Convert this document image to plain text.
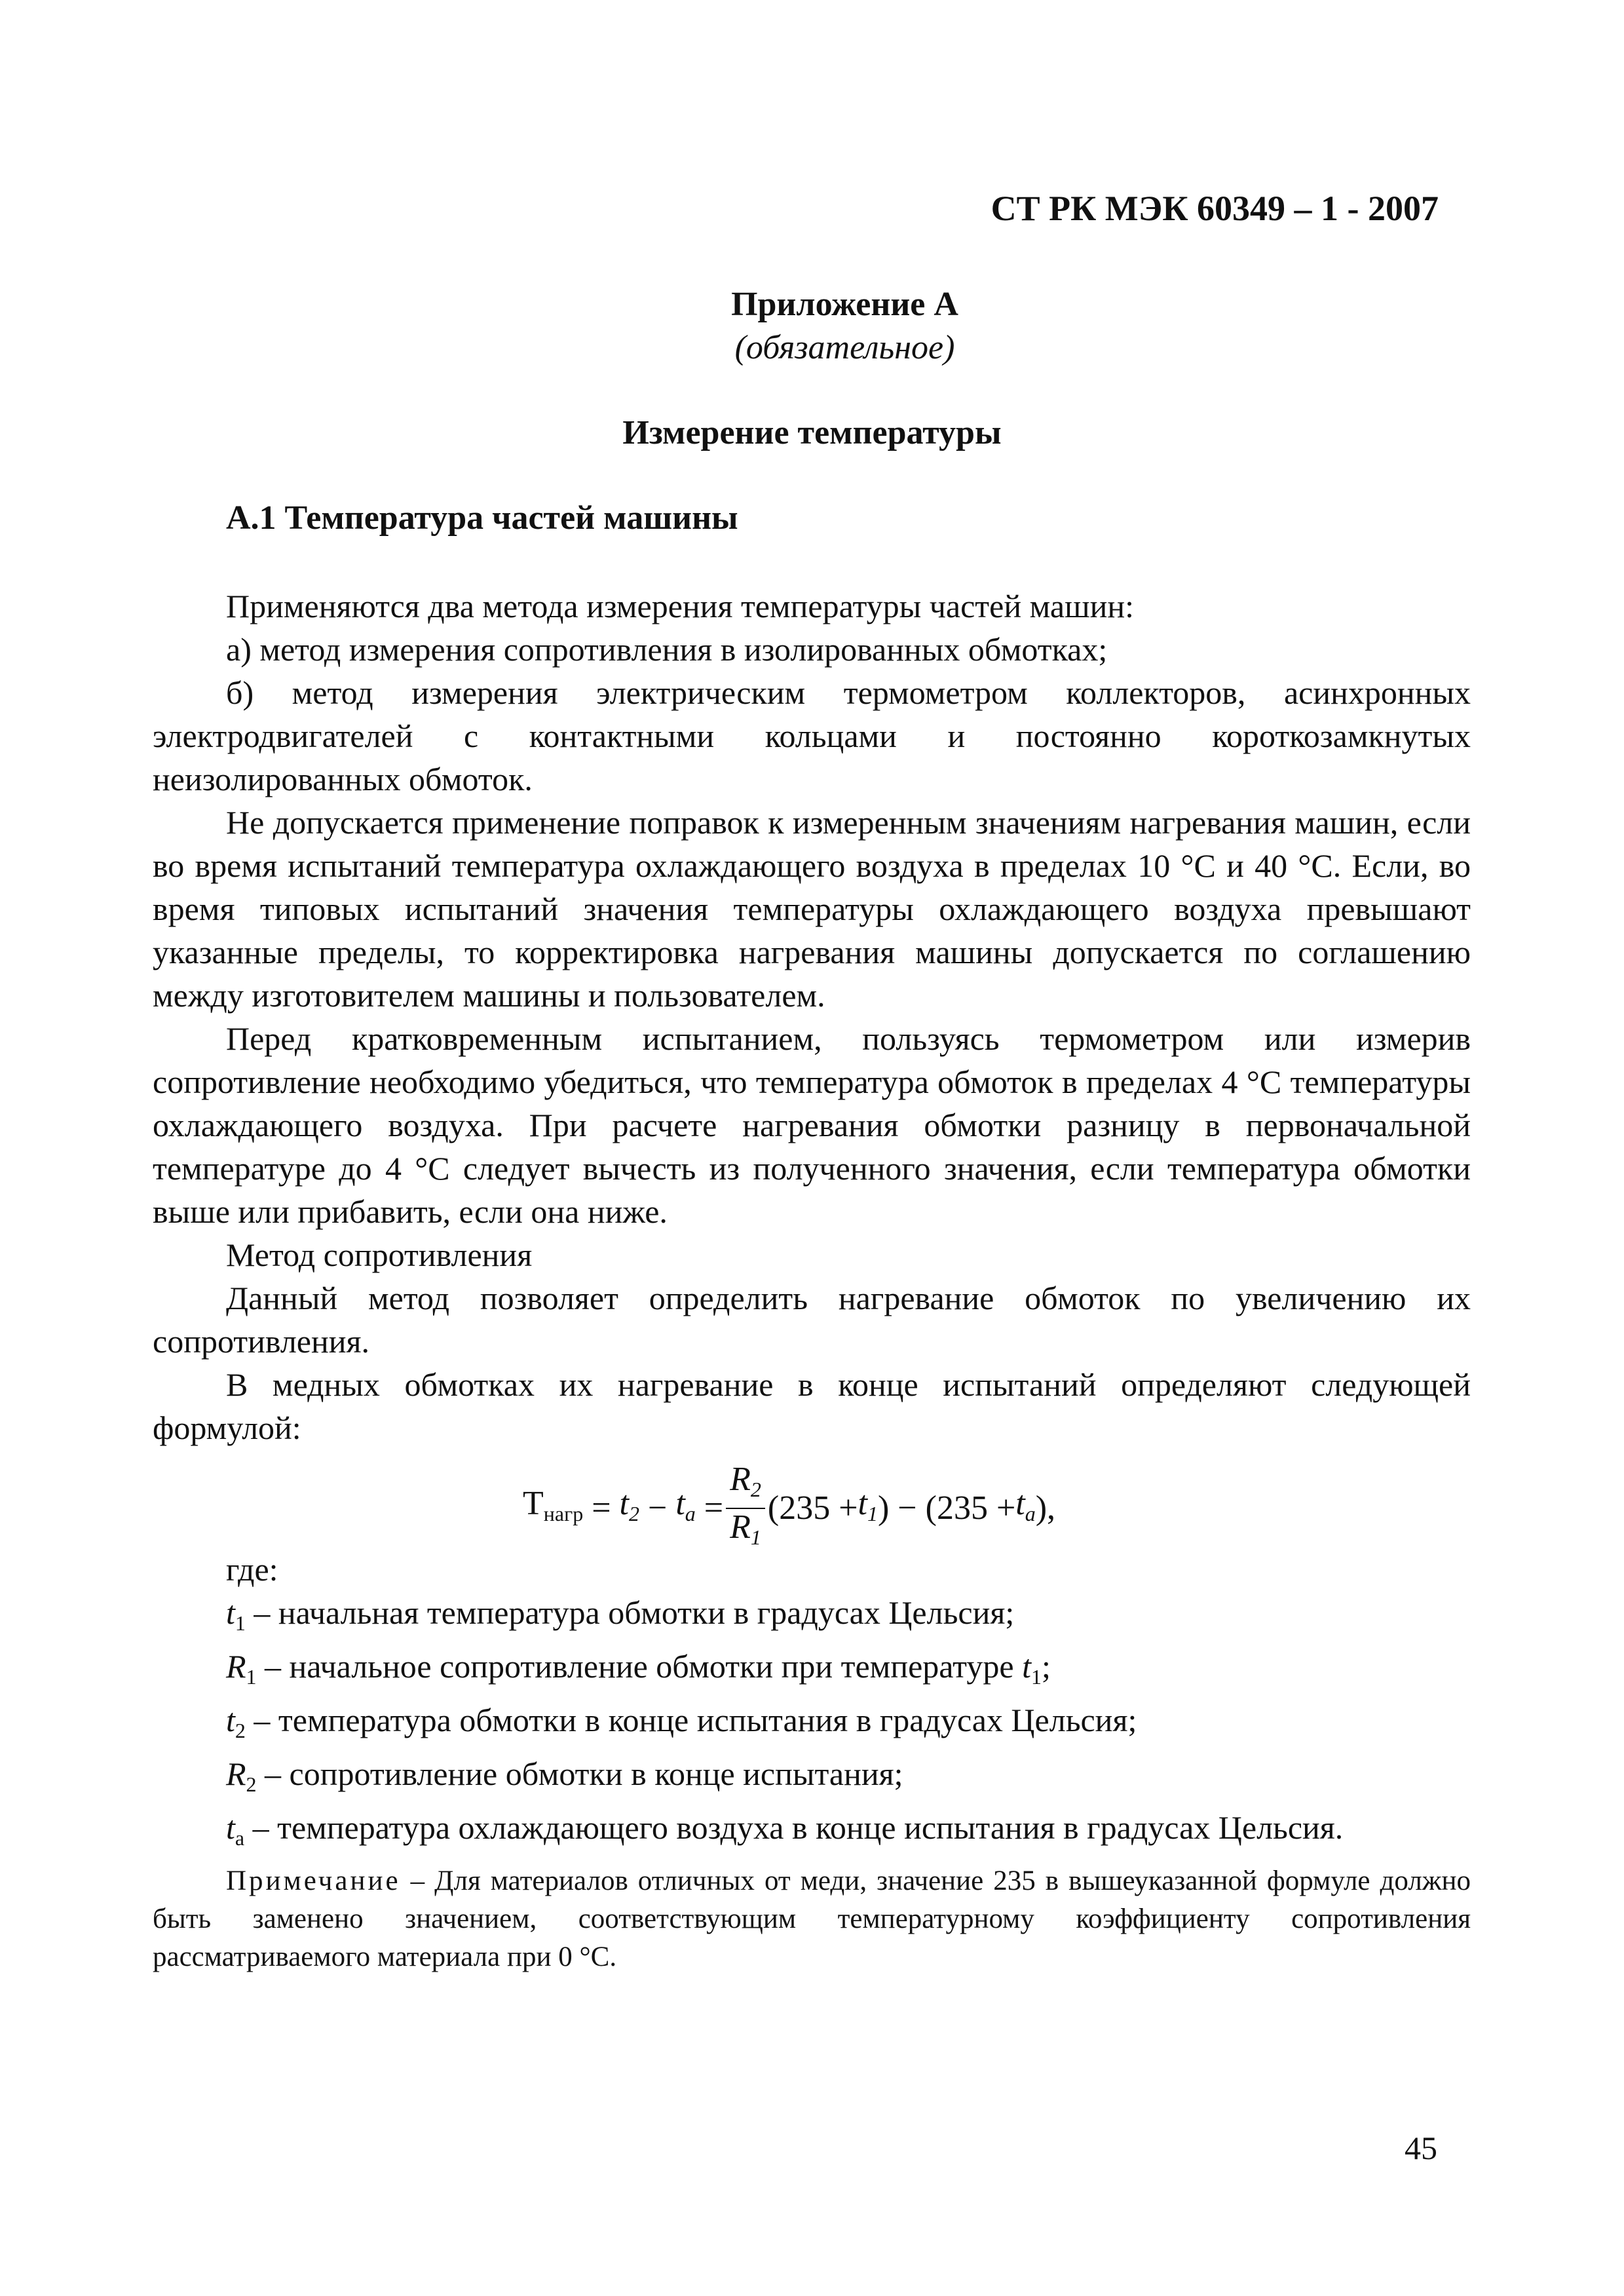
СТ РК МЭК 60349 – 1 - 2007
Приложение А
(обязательное)
Измерение температуры
А.1 Температура частей машины

Применяются два метода измерения температуры частей машин:

а) метод измерения сопротивления в изолированных обмотках;

б) метод измерения электрическим термометром коллекторов, асинхронных электродвигателей с контактными кольцами и постоянно короткозамкнутых неизолированных обмоток.

Не допускается применение поправок к измеренным значениям нагревания машин, если во время испытаний температура охлаждающего воздуха в пределах 10 °С и 40 °С. Если, во время типовых испытаний значения температуры охлаждающего воздуха превышают указанные пределы, то корректировка нагревания машины допускается по соглашению между изготовителем машины и пользователем.

Перед кратковременным испытанием, пользуясь термометром или измерив сопротивление необходимо убедиться, что температура обмоток в пределах 4 °С температуры охлаждающего воздуха. При расчете нагревания обмотки разницу в первоначальной температуре до 4 °С следует вычесть из полученного значения, если температура обмотки выше или прибавить, если она ниже.

Метод сопротивления

Данный метод позволяет определить нагревание обмоток по увеличению их сопротивления.

В медных обмотках их нагревание в конце испытаний определяют следующей формулой:

$Т_{нагр}$
=
$t_2$
−
$t_a$
= $\frac{R_2}{R_1} (235 + t_1$ ) − ($235 + t_a$ ),

где:

$t_1$ – начальная температура обмотки в градусах Цельсия;

$R_1$ – начальное сопротивление обмотки при температуре $t_1$;

$t_2$ – температура обмотки в конце испытания в градусах Цельсия;

$R_2$ – сопротивление обмотки в конце испытания;

$t_a$ – температура охлаждающего воздуха в конце испытания в градусах Цельсия.

Примечание – Для материалов отличных от меди, значение 235 в вышеуказанной формуле должно быть заменено значением, соответствующим температурному коэффициенту сопротивления рассматриваемого материала при 0 °С.

45
